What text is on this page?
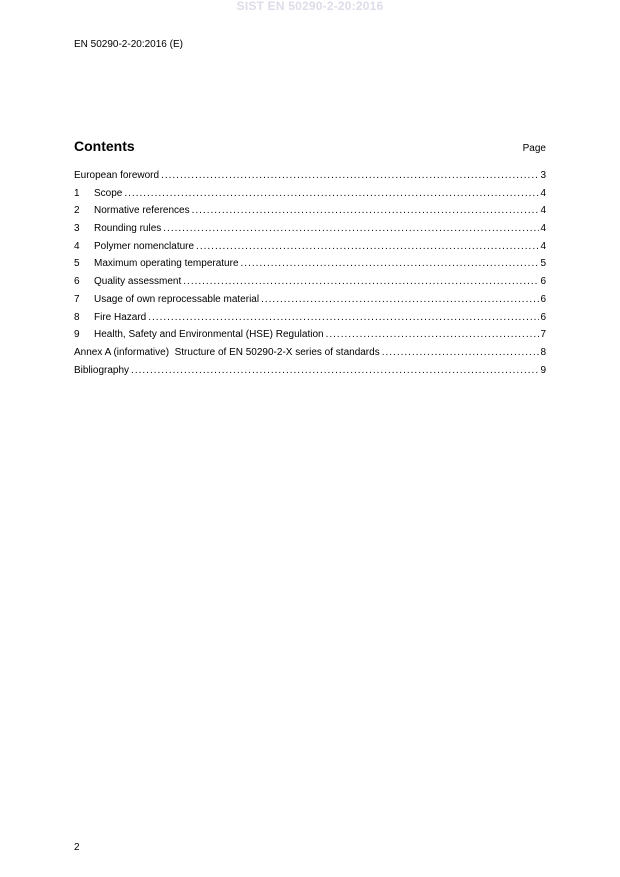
SIST EN 50290-2-20:2016
EN 50290-2-20:2016 (E)
Contents	Page
European foreword .....	3
1	Scope .....	4
2	Normative references .....	4
3	Rounding rules .....	4
4	Polymer nomenclature .....	4
5	Maximum operating temperature .....	5
6	Quality assessment .....	6
7	Usage of own reprocessable material .....	6
8	Fire Hazard .....	6
9	Health, Safety and Environmental (HSE) Regulation .....	7
Annex A (informative)  Structure of EN 50290-2-X series of standards .....	8
Bibliography .....	9
2
